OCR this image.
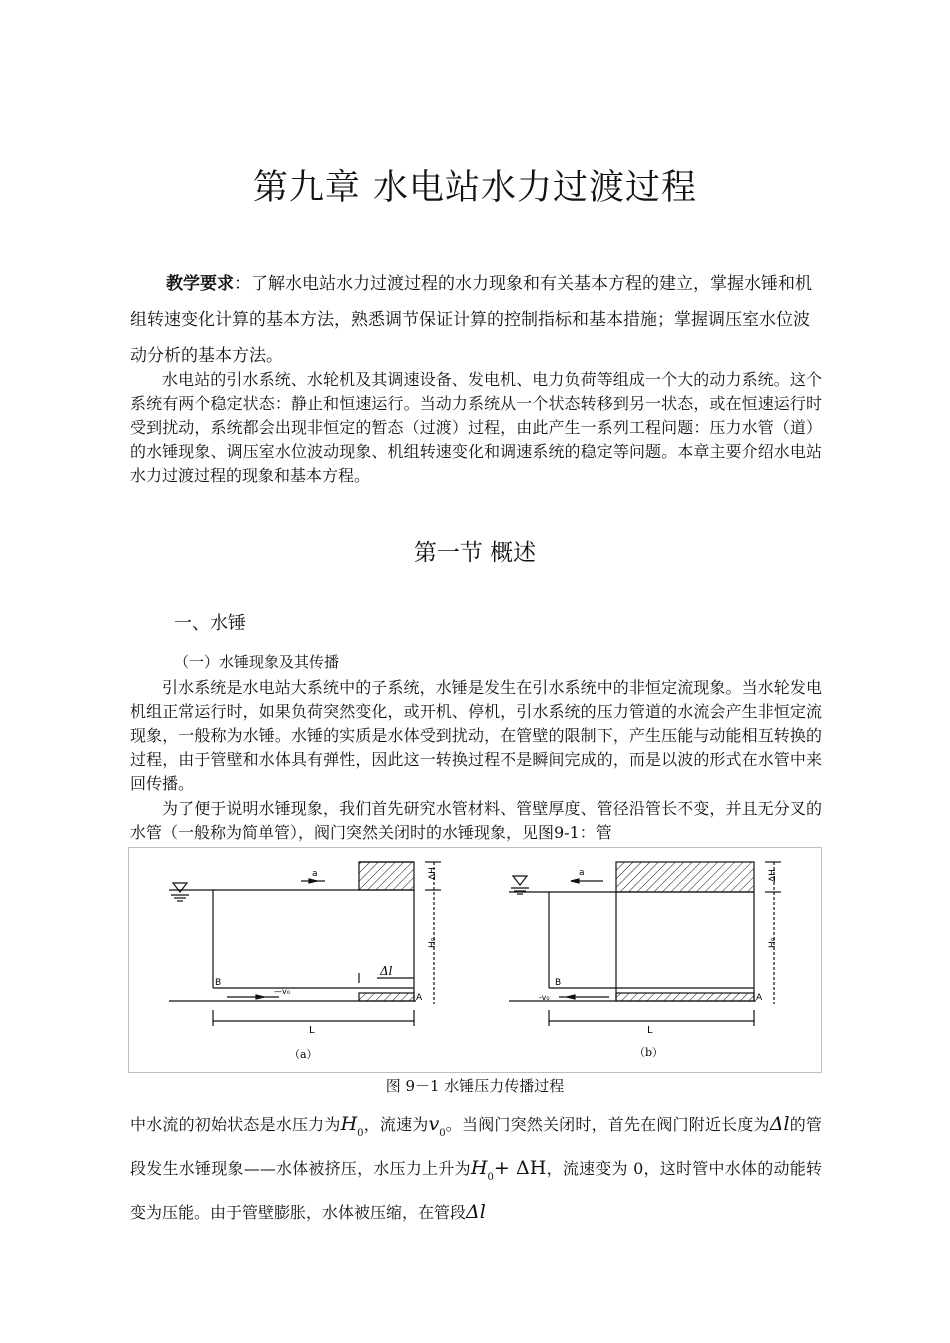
第九章 水电站水力过渡过程
教学要求：了解水电站水力过渡过程的水力现象和有关基本方程的建立，掌握水锤和机组转速变化计算的基本方法，熟悉调节保证计算的控制指标和基本措施；掌握调压室水位波动分析的基本方法。
水电站的引水系统、水轮机及其调速设备、发电机、电力负荷等组成一个大的动力系统。这个系统有两个稳定状态：静止和恒速运行。当动力系统从一个状态转移到另一状态，或在恒速运行时受到扰动，系统都会出现非恒定的暂态（过渡）过程，由此产生一系列工程问题：压力水管（道）的水锤现象、调压室水位波动现象、机组转速变化和调速系统的稳定等问题。本章主要介绍水电站水力过渡过程的现象和基本方程。
第一节 概述
一、水锤
（一）水锤现象及其传播
引水系统是水电站大系统中的子系统，水锤是发生在引水系统中的非恒定流现象。当水轮发电机组正常运行时，如果负荷突然变化，或开机、停机，引水系统的压力管道的水流会产生非恒定流现象，一般称为水锤。水锤的实质是水体受到扰动，在管壁的限制下，产生压能与动能相互转换的过程，由于管壁和水体具有弹性，因此这一转换过程不是瞬间完成的，而是以波的形式在水管中来回传播。
为了便于说明水锤现象，我们首先研究水管材料、管壁厚度、管径沿管长不变，并且无分叉的水管（一般称为简单管），阀门突然关闭时的水锤现象，见图9-1：管
a
Δl
B
A
—v₀
L
ΔH
H₀
（a）
a
B
A
-v₀
L
ΔH
H₀
（b）
图 9－1 水锤压力传播过程
中水流的初始状态是水压力为$H_0$，流速为$v_0$。当阀门突然关闭时，首先在阀门附近长度为Δl的管段发生水锤现象——水体被挤压，水压力上升为$H_0+ \Delta H$，流速变为 0，这时管中水体的动能转变为压能。由于管壁膨胀，水体被压缩，在管段Δl
